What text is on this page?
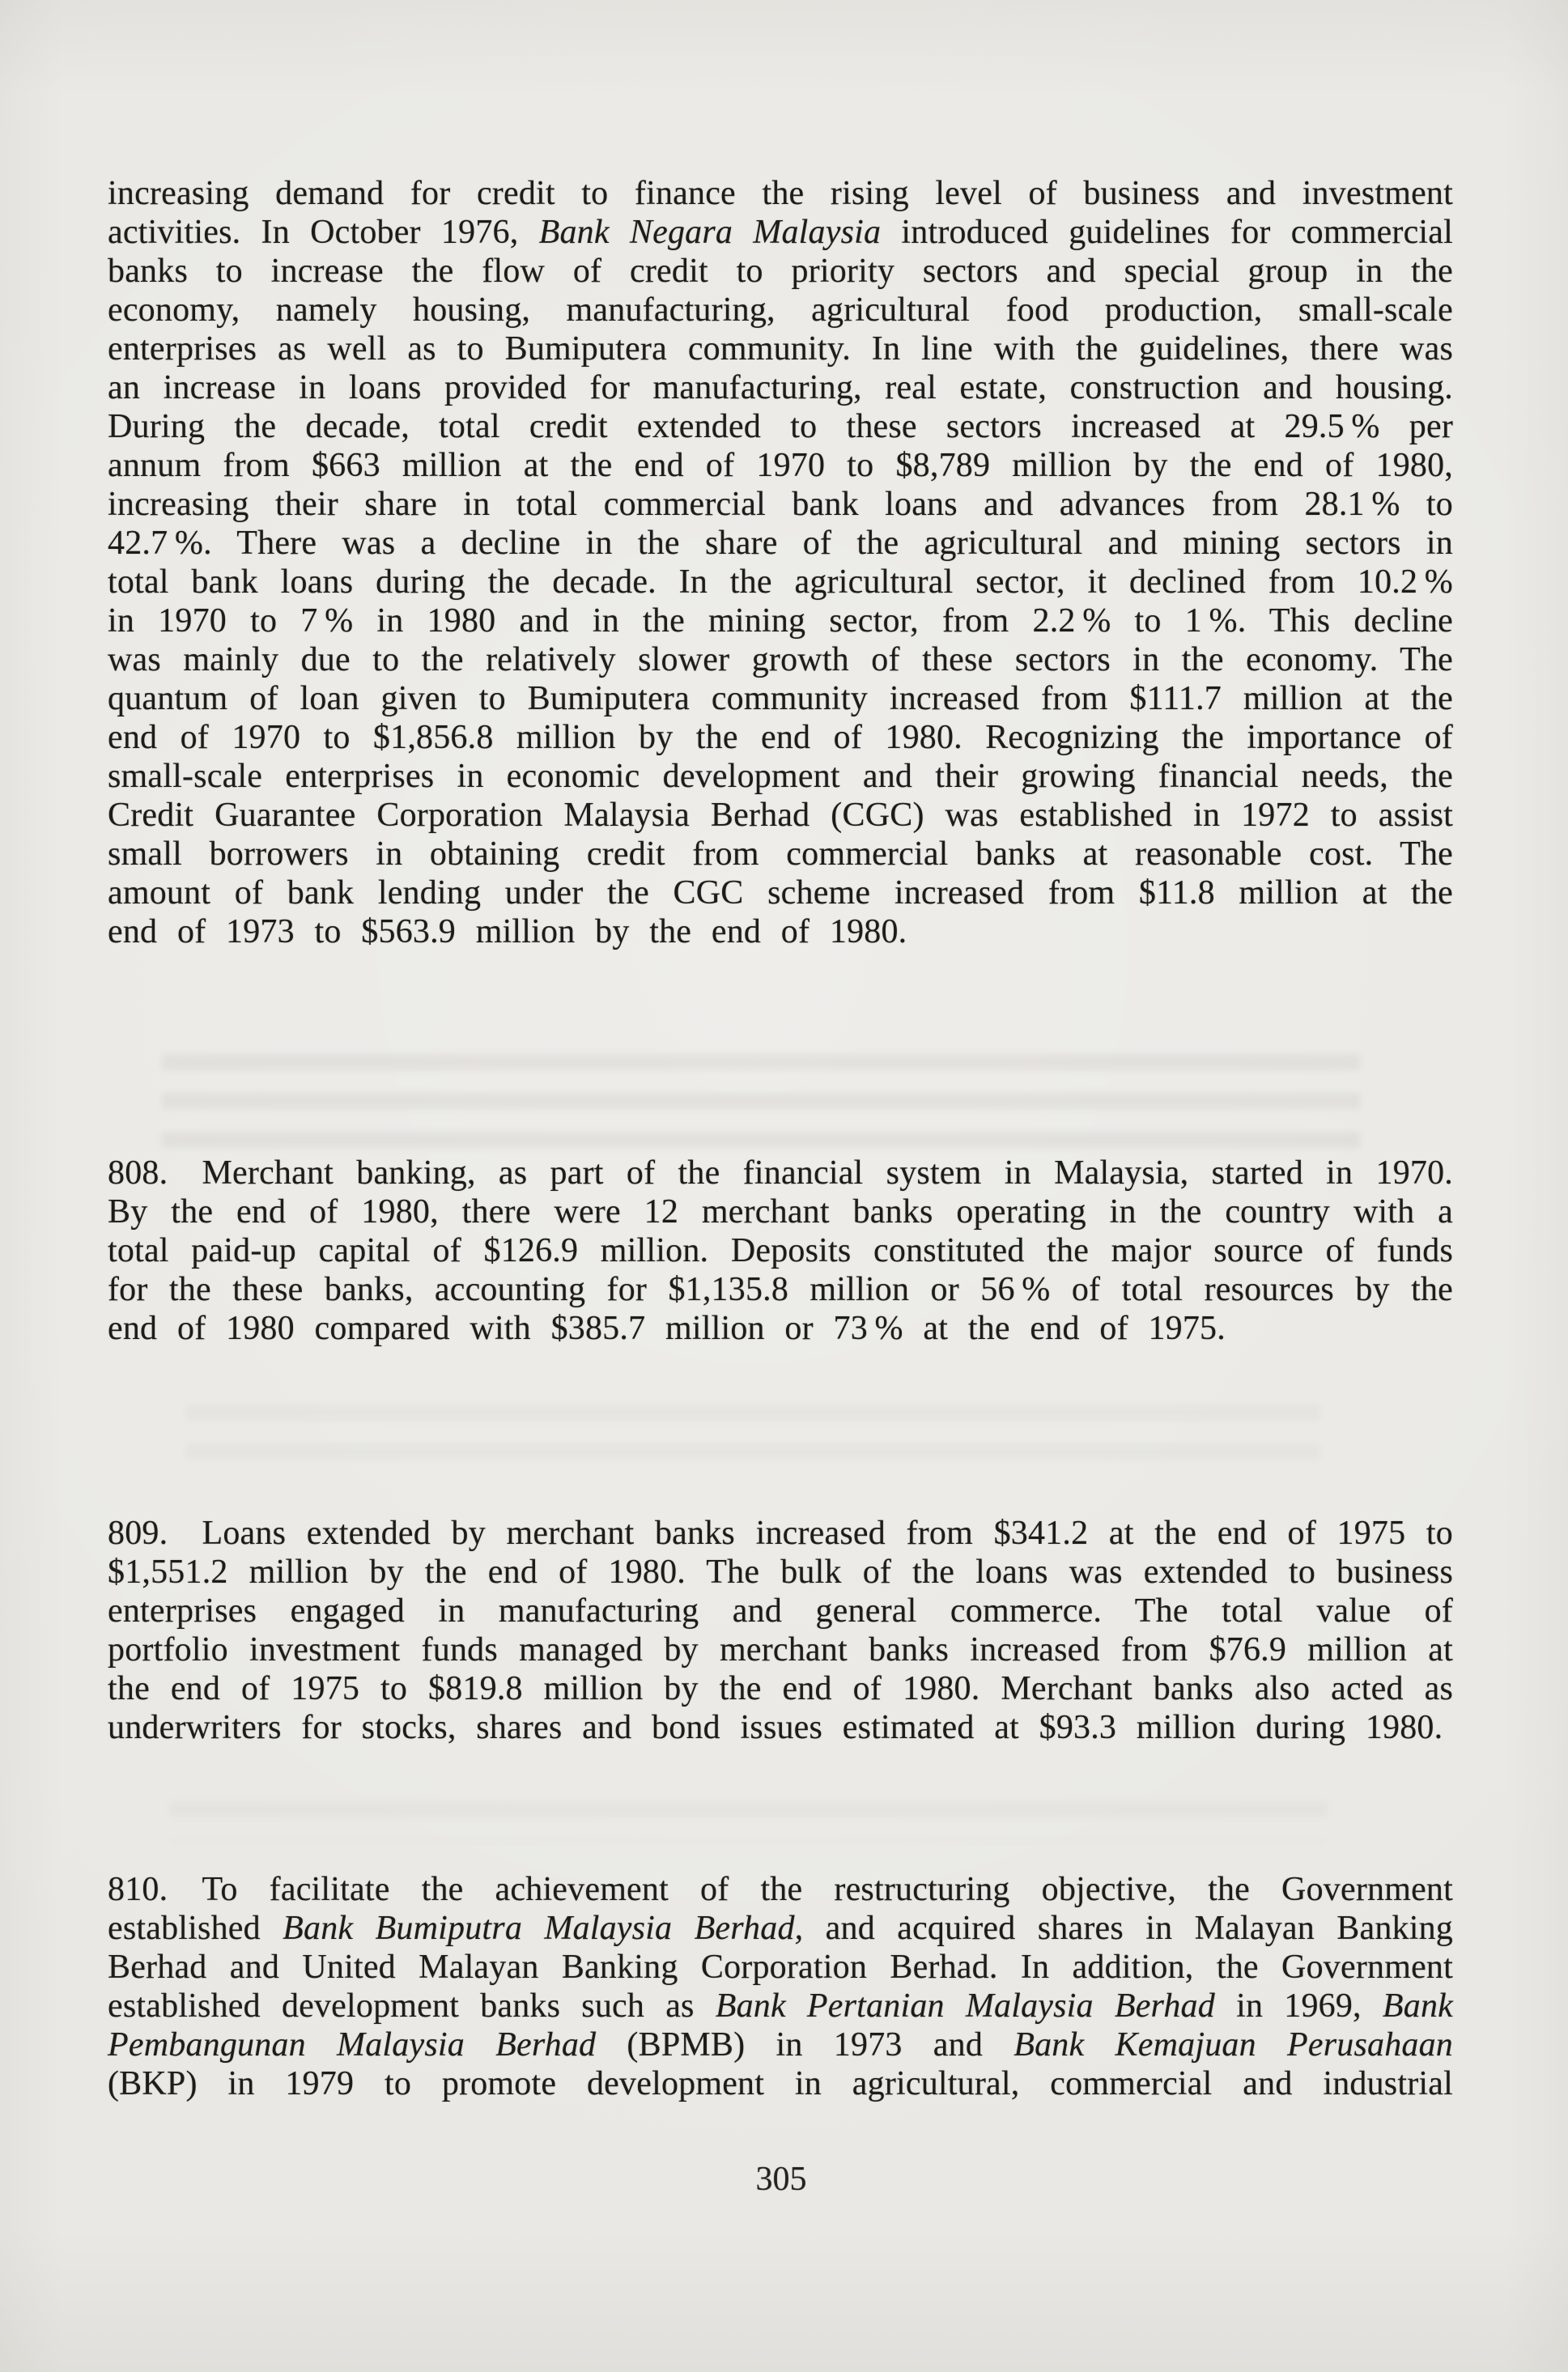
increasing demand for credit to finance the rising level of business and investment activities. In October 1976, Bank Negara Malaysia introduced guidelines for commercial banks to increase the flow of credit to priority sectors and special group in the economy, namely housing, manufacturing, agricultural food production, small-scale enterprises as well as to Bumiputera community. In line with the guidelines, there was an increase in loans provided for manufacturing, real estate, construction and housing. During the decade, total credit extended to these sectors increased at 29.5 % per annum from $663 million at the end of 1970 to $8,789 million by the end of 1980, increasing their share in total commercial bank loans and advances from 28.1 % to 42.7 %. There was a decline in the share of the agricultural and mining sectors in total bank loans during the decade. In the agricultural sector, it declined from 10.2 % in 1970 to 7 % in 1980 and in the mining sector, from 2.2 % to 1 %. This decline was mainly due to the relatively slower growth of these sectors in the economy. The quantum of loan given to Bumiputera community increased from $111.7 million at the end of 1970 to $1,856.8 million by the end of 1980. Recognizing the importance of small-scale enterprises in economic development and their growing financial needs, the Credit Guarantee Corporation Malaysia Berhad (CGC) was established in 1972 to assist small borrowers in obtaining credit from commercial banks at reasonable cost. The amount of bank lending under the CGC scheme increased from $11.8 million at the end of 1973 to $563.9 million by the end of 1980.

808. Merchant banking, as part of the financial system in Malaysia, started in 1970. By the end of 1980, there were 12 merchant banks operating in the country with a total paid-up capital of $126.9 million. Deposits constituted the major source of funds for the these banks, accounting for $1,135.8 million or 56 % of total resources by the end of 1980 compared with $385.7 million or 73 % at the end of 1975.

809. Loans extended by merchant banks increased from $341.2 at the end of 1975 to $1,551.2 million by the end of 1980. The bulk of the loans was extended to business enterprises engaged in manufacturing and general commerce. The total value of portfolio investment funds managed by merchant banks increased from $76.9 million at the end of 1975 to $819.8 million by the end of 1980. Merchant banks also acted as underwriters for stocks, shares and bond issues estimated at $93.3 million during 1980.

810. To facilitate the achievement of the restructuring objective, the Government established Bank Bumiputra Malaysia Berhad, and acquired shares in Malayan Banking Berhad and United Malayan Banking Corporation Berhad. In addition, the Government established development banks such as Bank Pertanian Malaysia Berhad in 1969, Bank Pembangunan Malaysia Berhad (BPMB) in 1973 and Bank Kemajuan Perusahaan (BKP) in 1979 to promote development in agricultural, commercial and industrial

305
